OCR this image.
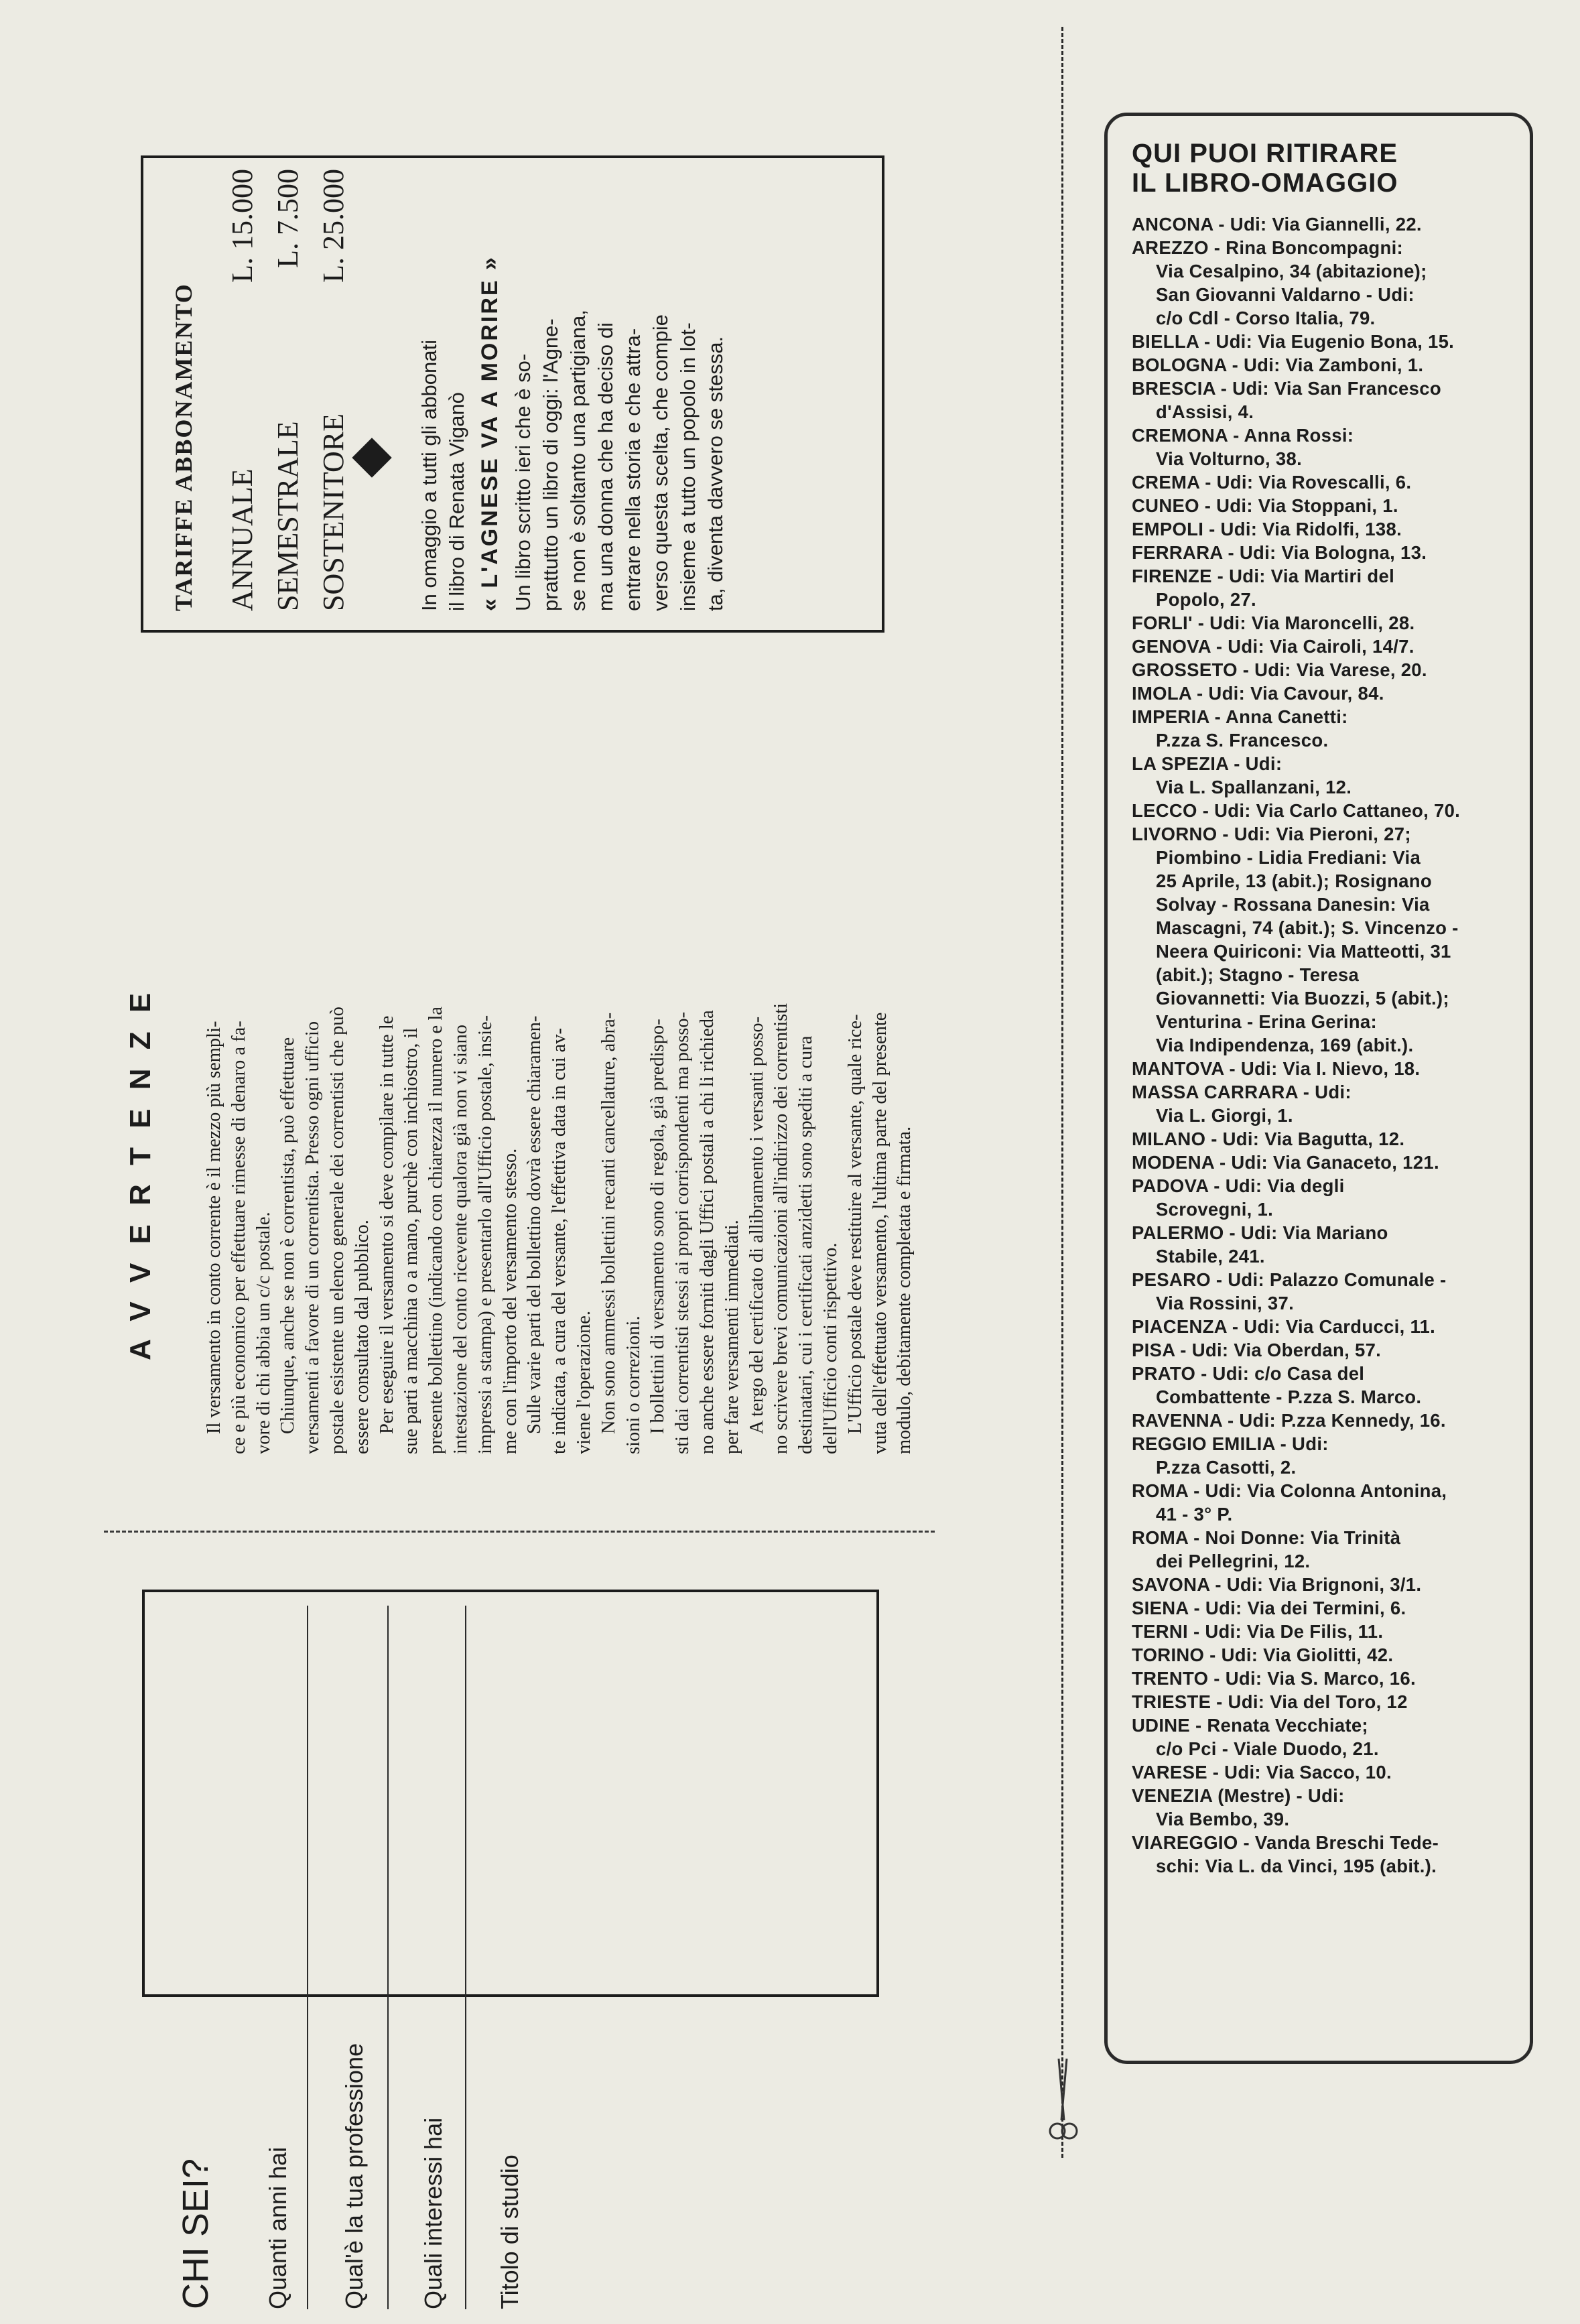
TARIFFE ABBONAMENTO ANNUALE
L. 15.000
SEMESTRALE
L. 7.500
SOSTENITORE
L. 25.000
In omaggio a tutti gli abbonati il libro di Renata Viganò « L'AGNESE VA A MORIRE » Un libro scritto ieri che è so- prattutto un libro di oggi: l'Agne- se non è soltanto una partigiana, ma una donna che ha deciso di entrare nella storia e che attra- verso questa scelta, che compie insieme a tutto un popolo in lot- ta, diventa davvero se stessa.
A V V E R T E N Z E Il versamento in conto corrente è il mezzo più sempli- ce e più economico per effettuare rimesse di denaro a fa- vore di chi abbia un c/c postale. Chiunque, anche se non è correntista, può effettuare versamenti a favore di un correntista. Presso ogni ufficio postale esistente un elenco generale dei correntisti che può essere consultato dal pubblico. Per eseguire il versamento si deve compilare in tutte le sue parti a macchina o a mano, purchè con inchiostro, il presente bollettino (indicando con chiarezza il numero e la intestazione del conto ricevente qualora già non vi siano impressi a stampa) e presentarlo all'Ufficio postale, insie- me con l'importo del versamento stesso. Sulle varie parti del bollettino dovrà essere chiaramen- te indicata, a cura del versante, l'effettiva data in cui av- viene l'operazione. Non sono ammessi bollettini recanti cancellature, abra- sioni o correzioni. I bollettini di versamento sono di regola, già predispo- sti dai correntisti stessi ai propri corrispondenti ma posso- no anche essere forniti dagli Uffici postali a chi li richieda per fare versamenti immediati. A tergo del certificato di allibramento i versanti posso- no scrivere brevi comunicazioni all'indirizzo dei correntisti destinatari, cui i certificati anzidetti sono spediti a cura dell'Ufficio conti rispettivo. L'Ufficio postale deve restituire al versante, quale rice- vuta dell'effettuato versamento, l'ultima parte del presente modulo, debitamente completata e firmata.
CHI SEI? Quanti anni hai Qual'è la tua professione Quali interessi hai Titolo di studio
QUI PUOI RITIRARE
IL LIBRO-OMAGGIO
ANCONA - Udi: Via Giannelli, 22.
AREZZO - Rina Boncompagni:
Via Cesalpino, 34 (abitazione);
San Giovanni Valdarno - Udi:
c/o Cdl - Corso Italia, 79.
BIELLA - Udi: Via Eugenio Bona, 15.
BOLOGNA - Udi: Via Zamboni, 1.
BRESCIA - Udi: Via San Francesco
d'Assisi, 4.
CREMONA - Anna Rossi:
Via Volturno, 38.
CREMA - Udi: Via Rovescalli, 6.
CUNEO - Udi: Via Stoppani, 1.
EMPOLI - Udi: Via Ridolfi, 138.
FERRARA - Udi: Via Bologna, 13.
FIRENZE - Udi: Via Martiri del
Popolo, 27.
FORLI' - Udi: Via Maroncelli, 28.
GENOVA - Udi: Via Cairoli, 14/7.
GROSSETO - Udi: Via Varese, 20.
IMOLA - Udi: Via Cavour, 84.
IMPERIA - Anna Canetti:
P.zza S. Francesco.
LA SPEZIA - Udi:
Via L. Spallanzani, 12.
LECCO - Udi: Via Carlo Cattaneo, 70.
LIVORNO - Udi: Via Pieroni, 27;
Piombino - Lidia Frediani: Via
25 Aprile, 13 (abit.); Rosignano
Solvay - Rossana Danesin: Via
Mascagni, 74 (abit.); S. Vincenzo -
Neera Quiriconi: Via Matteotti, 31
(abit.); Stagno - Teresa
Giovannetti: Via Buozzi, 5 (abit.);
Venturina - Erina Gerina:
Via Indipendenza, 169 (abit.).
MANTOVA - Udi: Via I. Nievo, 18.
MASSA CARRARA - Udi:
Via L. Giorgi, 1.
MILANO - Udi: Via Bagutta, 12.
MODENA - Udi: Via Ganaceto, 121.
PADOVA - Udi: Via degli
Scrovegni, 1.
PALERMO - Udi: Via Mariano
Stabile, 241.
PESARO - Udi: Palazzo Comunale -
Via Rossini, 37.
PIACENZA - Udi: Via Carducci, 11.
PISA - Udi: Via Oberdan, 57.
PRATO - Udi: c/o Casa del
Combattente - P.zza S. Marco.
RAVENNA - Udi: P.zza Kennedy, 16.
REGGIO EMILIA - Udi:
P.zza Casotti, 2.
ROMA - Udi: Via Colonna Antonina,
41 - 3° P.
ROMA - Noi Donne: Via Trinità
dei Pellegrini, 12.
SAVONA - Udi: Via Brignoni, 3/1.
SIENA - Udi: Via dei Termini, 6.
TERNI - Udi: Via De Filis, 11.
TORINO - Udi: Via Giolitti, 42.
TRENTO - Udi: Via S. Marco, 16.
TRIESTE - Udi: Via del Toro, 12
UDINE - Renata Vecchiate;
c/o Pci - Viale Duodo, 21.
VARESE - Udi: Via Sacco, 10.
VENEZIA (Mestre) - Udi:
Via Bembo, 39.
VIAREGGIO - Vanda Breschi Tede-
schi: Via L. da Vinci, 195 (abit.).
